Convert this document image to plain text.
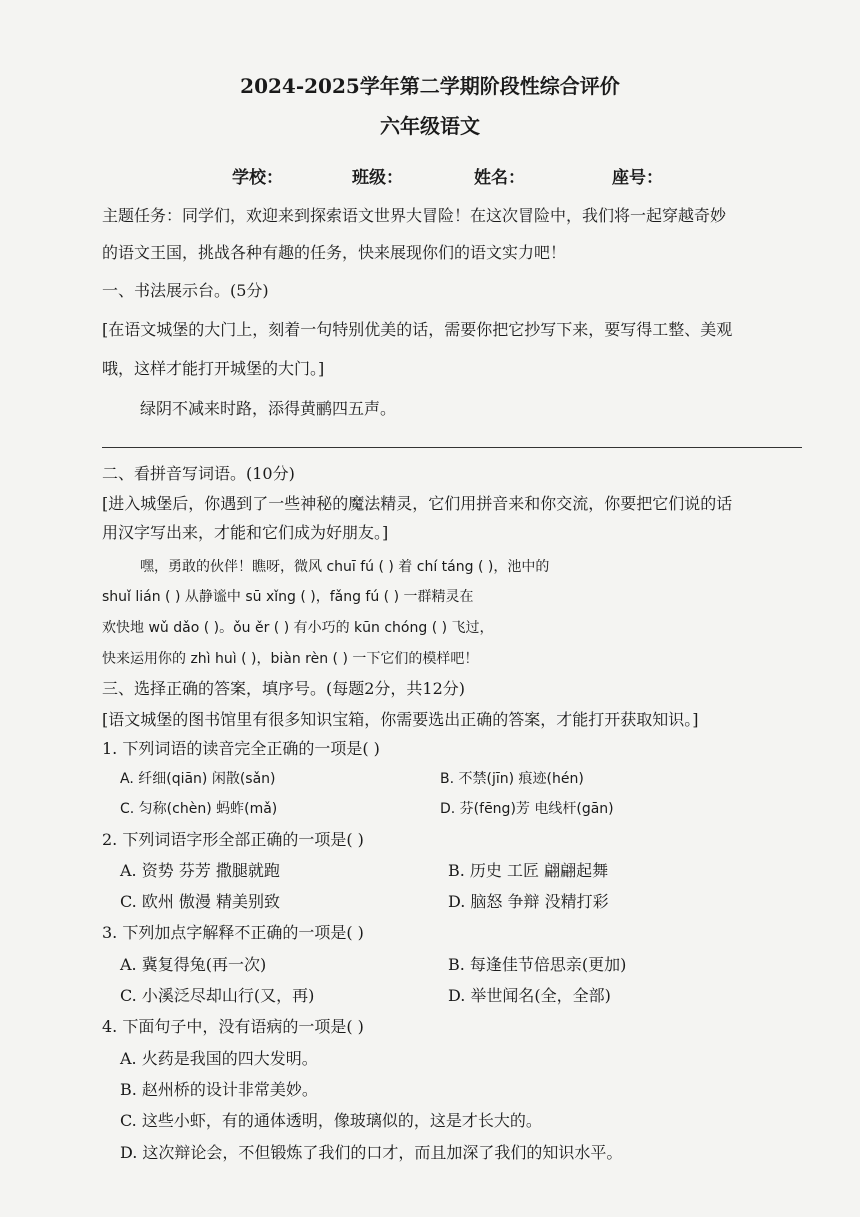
2024-2025学年第二学期阶段性综合评价
六年级语文
学校：	班级：	姓名：	座号：
主题任务：同学们，欢迎来到探索语文世界大冒险！在这次冒险中，我们将一起穿越奇妙
的语文王国，挑战各种有趣的任务，快来展现你们的语文实力吧！
一、书法展示台。(5分)
[在语文城堡的大门上，刻着一句特别优美的话，需要你把它抄写下来，要写得工整、美观
哦，这样才能打开城堡的大门。]
绿阴不减来时路，添得黄鹂四五声。
二、看拼音写词语。(10分)
[进入城堡后，你遇到了一些神秘的魔法精灵，它们用拼音来和你交流，你要把它们说的话
用汉字写出来，才能和它们成为好朋友。]
嘿，勇敢的伙伴！瞧呀，微风 chuī fú ( ) 着 chí táng ( )，池中的
shuǐ lián ( ) 从静谧中 sū xǐng ( )，fǎng fú ( ) 一群精灵在
欢快地 wǔ dǎo ( )。ǒu ěr ( ) 有小巧的 kūn chóng ( ) 飞过，
快来运用你的 zhì huì ( )，biàn rèn ( ) 一下它们的模样吧！
三、选择正确的答案，填序号。(每题2分，共12分)
[语文城堡的图书馆里有很多知识宝箱，你需要选出正确的答案，才能打开获取知识。]
1. 下列词语的读音完全正确的一项是( )
A. 纤细(qiān) 闲散(sǎn)	B. 不禁(jīn) 痕迹(hén)
C. 匀称(chèn) 蚂蚱(mǎ)	D. 芬(fēng)芳 电线杆(gān)
2. 下列词语字形全部正确的一项是( )
A. 资势 芬芳 撒腿就跑	B. 历史 工匠 翩翩起舞
C. 欧州 傲漫 精美别致	D. 脑怒 争辩 没精打彩
3. 下列加点字解释不正确的一项是( )
A. 冀复得兔(再一次)	B. 每逢佳节倍思亲(更加)
C. 小溪泛尽却山行(又，再)	D. 举世闻名(全，全部)
4. 下面句子中，没有语病的一项是( )
A. 火药是我国的四大发明。
B. 赵州桥的设计非常美妙。
C. 这些小虾，有的通体透明，像玻璃似的，这是才长大的。
D. 这次辩论会，不但锻炼了我们的口才，而且加深了我们的知识水平。
